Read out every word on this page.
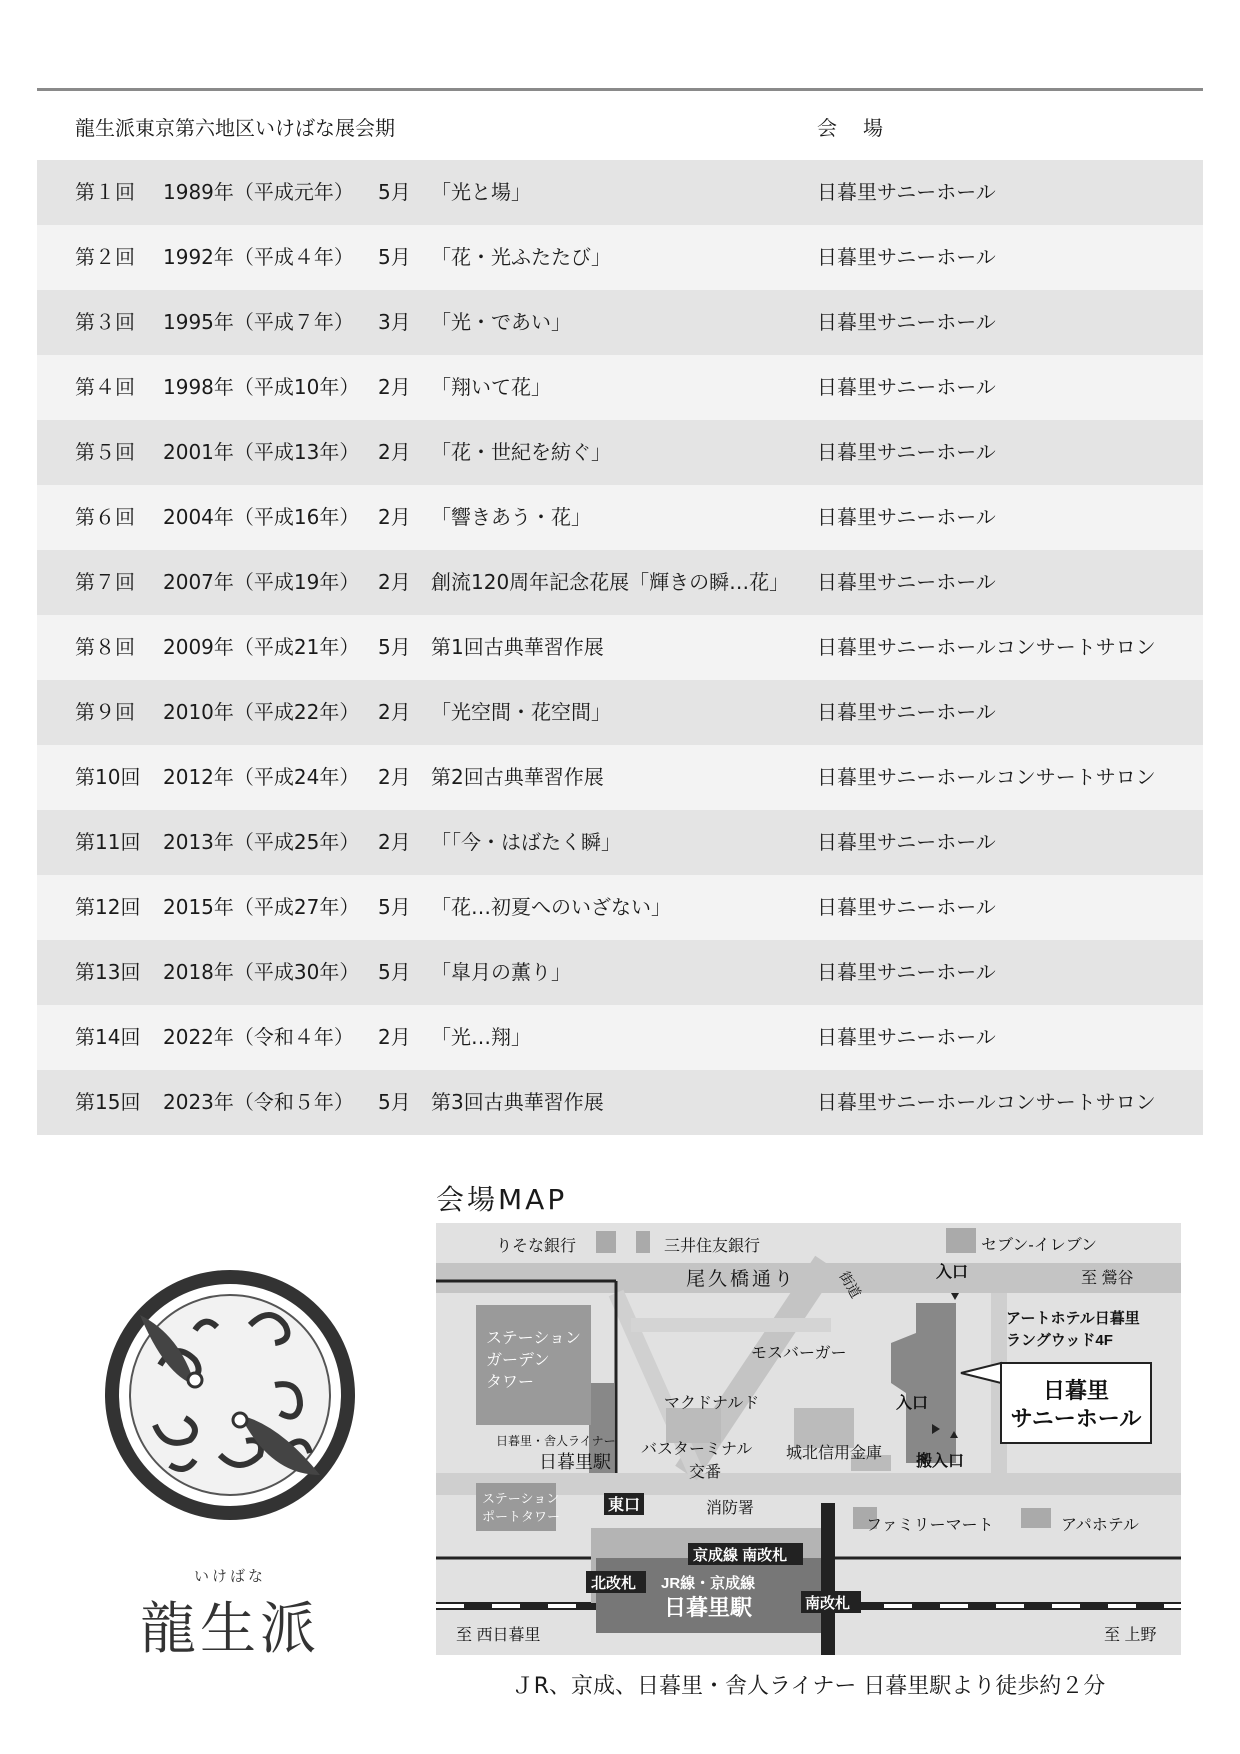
龍生派東京第六地区いけばな展会期	会場
第１回 1989年（平成元年） 5月 「光と場」	日暮里サニーホール
第２回 1992年（平成４年） 5月 「花・光ふたたび」	日暮里サニーホール
第３回 1995年（平成７年） 3月 「光・であい」	日暮里サニーホール
第４回 1998年（平成10年） 2月 「翔いて花」	日暮里サニーホール
第５回 2001年（平成13年） 2月 「花・世紀を紡ぐ」	日暮里サニーホール
第６回 2004年（平成16年） 2月 「響きあう・花」	日暮里サニーホール
第７回 2007年（平成19年） 2月 創流120周年記念花展「輝きの瞬…花」 日暮里サニーホール
第８回 2009年（平成21年） 5月 第1回古典華習作展	日暮里サニーホールコンサートサロン
第９回 2010年（平成22年） 2月 「光空間・花空間」	日暮里サニーホール
第10回 2012年（平成24年） 2月 第2回古典華習作展	日暮里サニーホールコンサートサロン
第11回 2013年（平成25年） 2月 「「今・はばたく瞬」	日暮里サニーホール
第12回 2015年（平成27年） 5月 「花…初夏へのいざない」	日暮里サニーホール
第13回 2018年（平成30年） 5月 「皐月の薫り」	日暮里サニーホール
第14回 2022年（令和４年） 2月 「光…翔」	日暮里サニーホール
第15回 2023年（令和５年） 5月 第3回古典華習作展	日暮里サニーホールコンサートサロン
いけばな
龍生派
会場MAP
りそな銀行	三井住友銀行	セブン-イレブン
尾久橋通り	至 鶯谷
入口
街道
アートホテル日暮里
ラングウッド4F
日暮里
サニーホール
ステーション
ガーデン
タワー
モスバーガー
マクドナルド	入口
日暮里・舎人ライナー
日暮里駅
バスターミナル
交番
城北信用金庫 搬入口
ステーション
ポートタワー
東口	消防署
ファミリーマート	アパホテル
京成線 南改札
北改札 JR線・京成線
日暮里駅	南改札
至 西日暮里	至 上野
ＪR、京成、日暮里・舎人ライナー 日暮里駅より徒歩約２分
